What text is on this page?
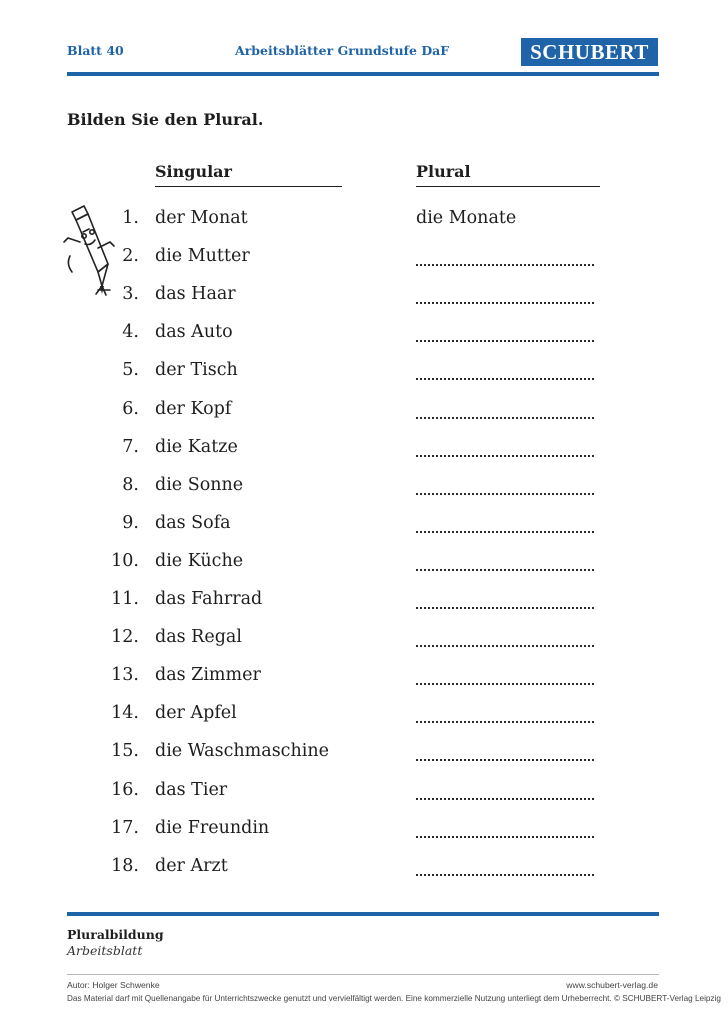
Blatt 40	Arbeitsblätter Grundstufe DaF	SCHUBERT
Bilden Sie den Plural.
Singular	Plural
1. der Monat	die Monate
2. die Mutter
3. das Haar
4. das Auto
5. der Tisch
6. der Kopf
7. die Katze
8. die Sonne
9. das Sofa
10. die Küche
11. das Fahrrad
12. das Regal
13. das Zimmer
14. der Apfel
15. die Waschmaschine
16. das Tier
17. die Freundin
18. der Arzt
Pluralbildung
Arbeitsblatt
Autor: Holger Schwenke	www.schubert-verlag.de
Das Material darf mit Quellenangabe für Unterrichtszwecke genutzt und vervielfältigt werden. Eine kommerzielle Nutzung unterliegt dem Urheberrecht. © SCHUBERT-Verlag Leipzig
